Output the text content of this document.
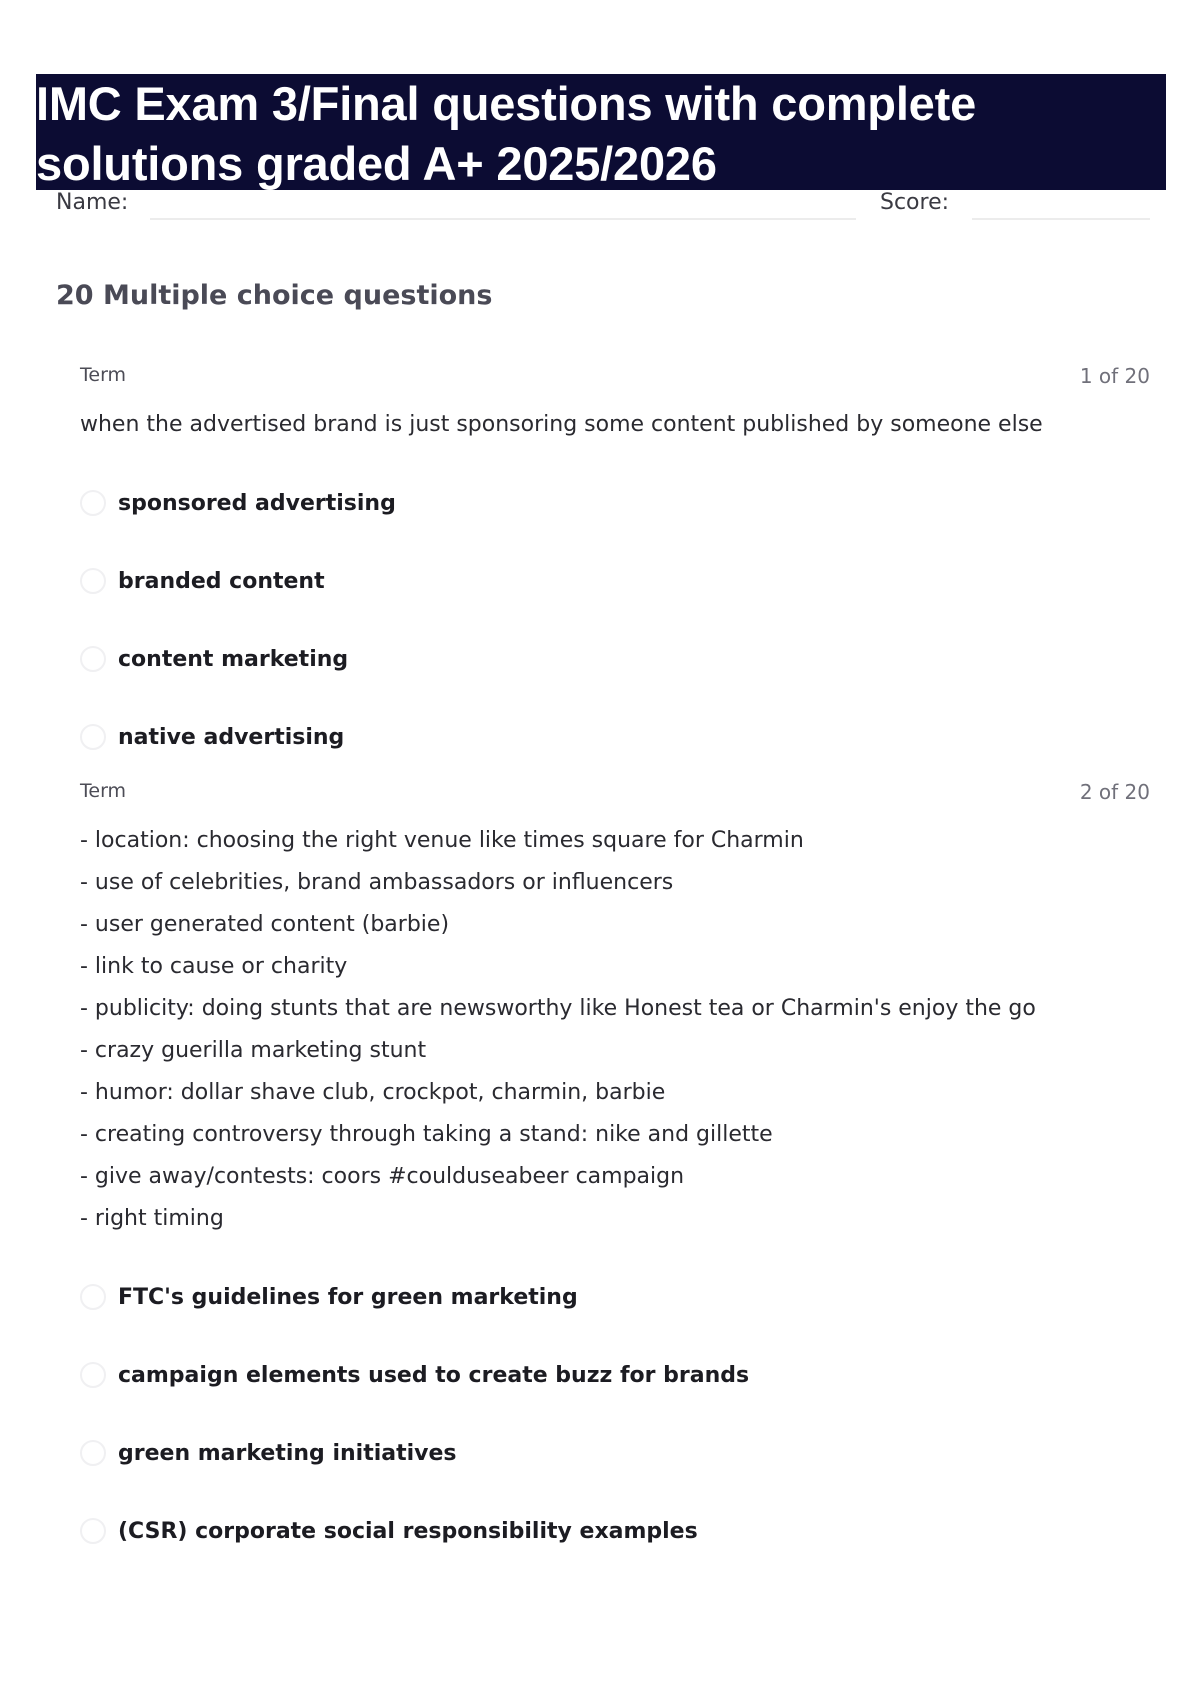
IMC Exam 3/Final questions with complete
solutions graded A+ 2025/2026
Name:	Score:
20 Multiple choice questions
Term	1 of 20
when the advertised brand is just sponsoring some content published by someone else
sponsored advertising
branded content
content marketing
native advertising
Term	2 of 20
- location: choosing the right venue like times square for Charmin
- use of celebrities, brand ambassadors or influencers
- user generated content (barbie)
- link to cause or charity
- publicity: doing stunts that are newsworthy like Honest tea or Charmin's enjoy the go
- crazy guerilla marketing stunt
- humor: dollar shave club, crockpot, charmin, barbie
- creating controversy through taking a stand: nike and gillette
- give away/contests: coors #coulduseabeer campaign
- right timing
FTC's guidelines for green marketing
campaign elements used to create buzz for brands
green marketing initiatives
(CSR) corporate social responsibility examples
